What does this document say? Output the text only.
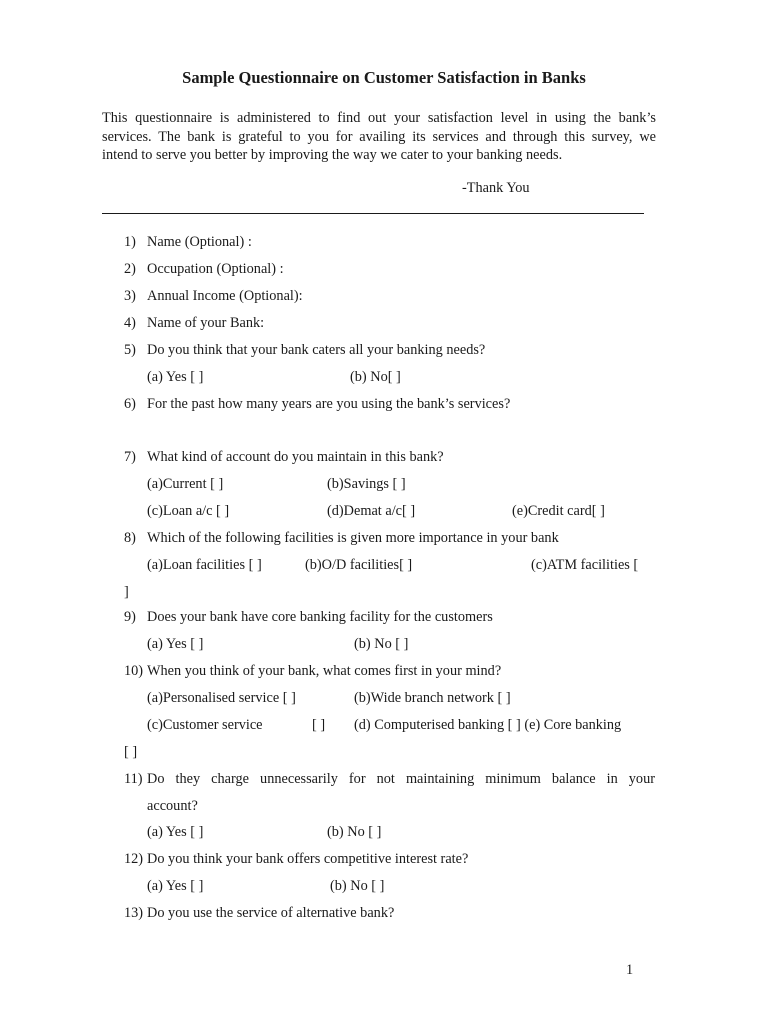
Sample Questionnaire on Customer Satisfaction in Banks
This questionnaire is administered to find out your satisfaction level in using the bank’s
services. The bank is grateful to you for availing its services and through this survey, we
intend to serve you better by improving the way we cater to your banking needs.
-Thank You
1) Name (Optional) :
2) Occupation (Optional) :
3) Annual Income (Optional):
4) Name of your Bank:
5) Do you think that your bank caters all your banking needs?
(a) Yes [ ]	(b) No[ ]
6) For the past how many years are you using the bank’s services?
7) What kind of account do you maintain in this bank?
(a)Current [ ]	(b)Savings [ ]
(c)Loan a/c [ ]	(d)Demat a/c[ ]	(e)Credit card[ ]
8) Which of the following facilities is given more importance in your bank
(a)Loan facilities [ ]	(b)O/D facilities[ ]	(c)ATM facilities [
]
9) Does your bank have core banking facility for the customers
(a) Yes [ ]	(b) No [ ]
10) When you think of your bank, what comes first in your mind?
(a)Personalised service [ ]	(b)Wide branch network [ ]
(c)Customer service	[ ] (d) Computerised banking [ ] (e) Core banking
[ ]
11) Do they charge unnecessarily for not maintaining minimum balance in your
account?
(a) Yes [ ]	(b) No [ ]
12) Do you think your bank offers competitive interest rate?
(a) Yes [ ]	(b) No [ ]
13) Do you use the service of alternative bank?
1
